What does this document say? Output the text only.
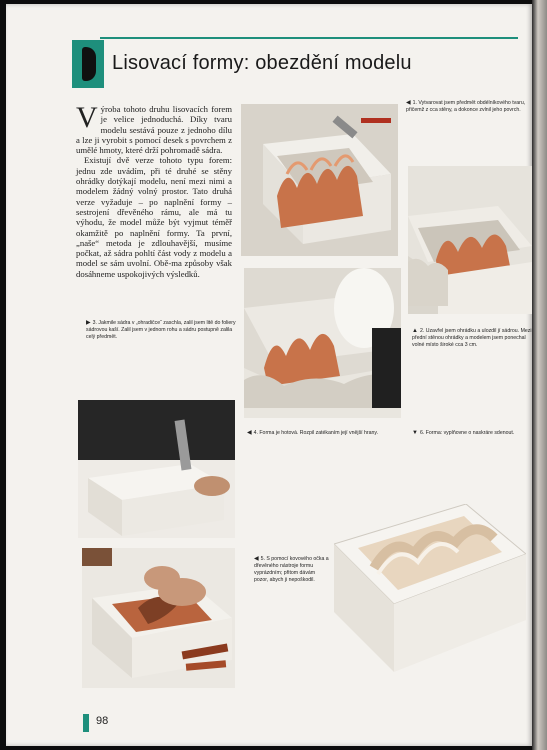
Lisovací formy: obezdění modelu

Výroba tohoto druhu lisovacích forem je velice jednoduchá. Díky tvaru modelu sestává pouze z jednoho dílu a lze ji vyrobit s pomocí desek s povrchem z umělé hmoty, které drží pohromadě sádra.

Existují dvě verze tohoto typu forem: jednu zde uvádím, při té druhé se stěny ohrádky dotýkají modelu, není mezi nimi a modelem žádný volný prostor. Tato druhá verze vyžaduje – po naplnění formy – sestrojení dřevěného rámu, ale má tu výhodu, že model může být vyjmut téměř okamžitě po naplnění formy. Ta první, „naše“ metoda je zdlouhavější, musíme počkat, až sádra pohltí část vody z modelu a model se sám uvolní. Obě-ma způsoby však dosáhneme uspokojivých výsledků.

◀ 1. Vytvarovat jsem předmět obdélníkového tvaru, přičemž z cca stěny, a dokonce zvlnil jeho povrch.
▲ 2. Uzavřel jsem ohrádku a ulozdil jí sádrou. Mezi přední stěnou ohrádky a modelem jsem ponechal volné místo široké cca 3 cm.
▶ 3. Jakmile sádra v „ohradičce“ zaschla, zalil jsem litě do foliery sádrovou kaší. Zalil jsem v jednom rohu a sádru postupně zalila celý předmět.
◀ 4. Forma je hotová. Rozpil zatékaním její vnější hrany.	▼ 6. Forma: vyplňovne o naskráre sdenout.
◀ 5. S pomocí kovového očka a dřevěného nástroje formu vyprázdním; přitom dávám pozor, abych ji nepoškodil.
98
